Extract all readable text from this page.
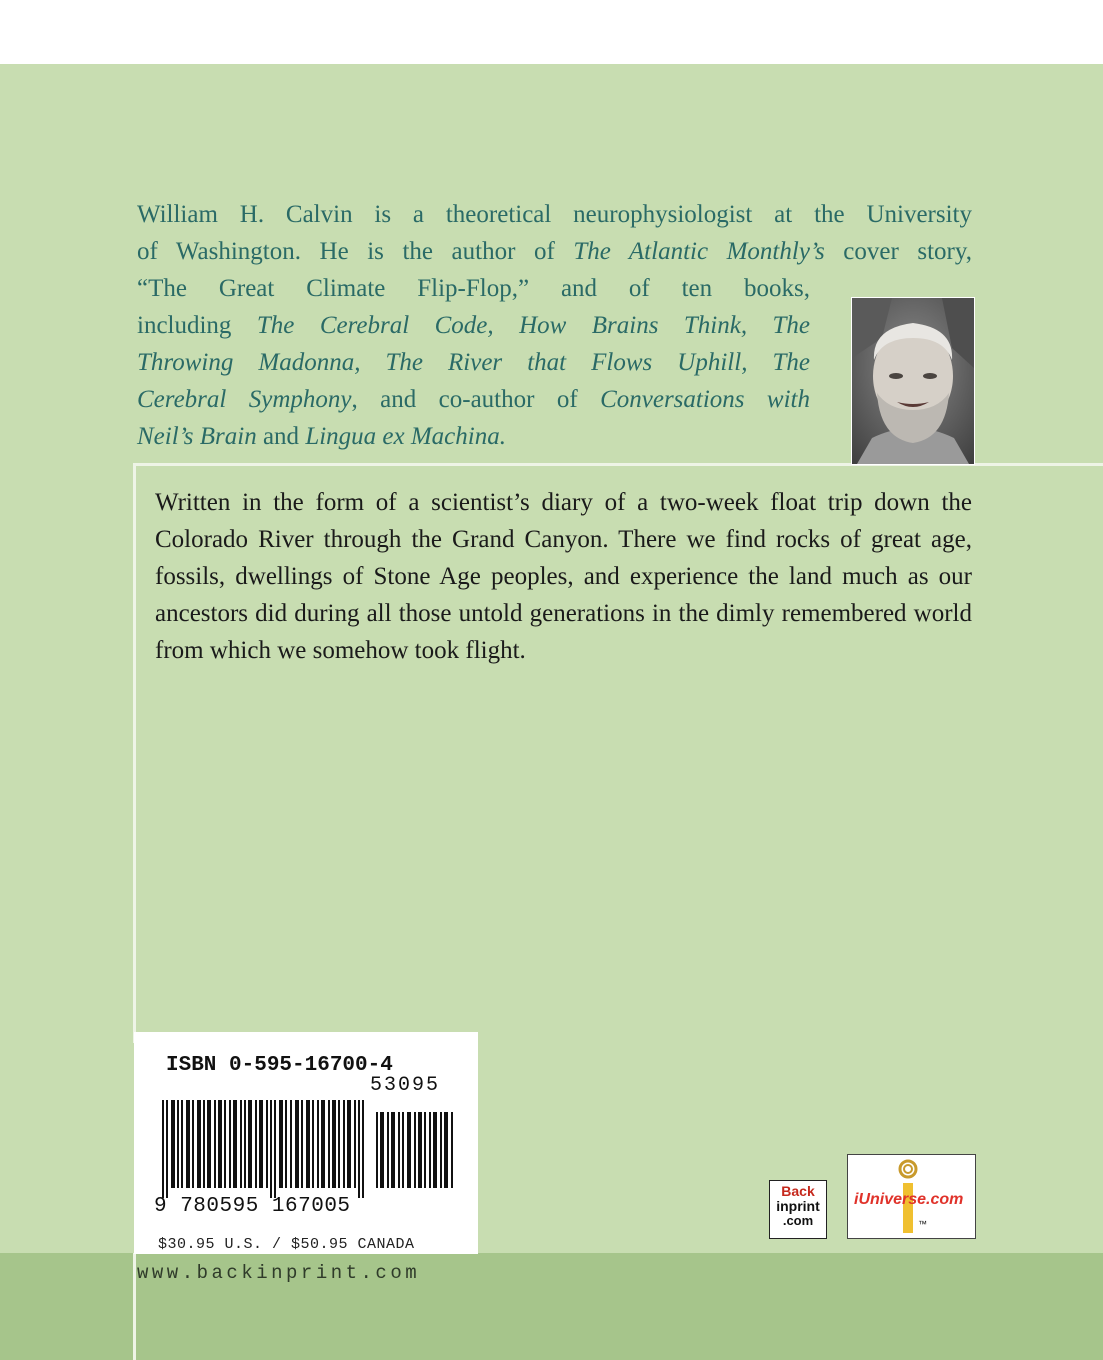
William H. Calvin is a theoretical neurophysiologist at the University

of Washington. He is the author of The Atlantic Monthly’s cover story,

“The Great Climate Flip-Flop,” and of ten books,
including The Cerebral Code, How Brains Think, The
Throwing Madonna, The River that Flows Uphill, The
Cerebral Symphony, and co-author of Conversations with
Neil’s Brain and Lingua ex Machina.
Written in the form of a scientist’s diary of a two-week float trip down the Colorado River through the Grand Canyon. There we find rocks of great age, fossils, dwellings of Stone Age peoples, and experience the land much as our ancestors did during all those untold generations in the dimly remembered world from which we somehow took flight.
ISBN 0-595-16700-4
53095
9 780595 167005
$30.95 U.S. / $50.95 CANADA
www.backinprint.com
Back
inprint
.com
iUniverse.com
™
